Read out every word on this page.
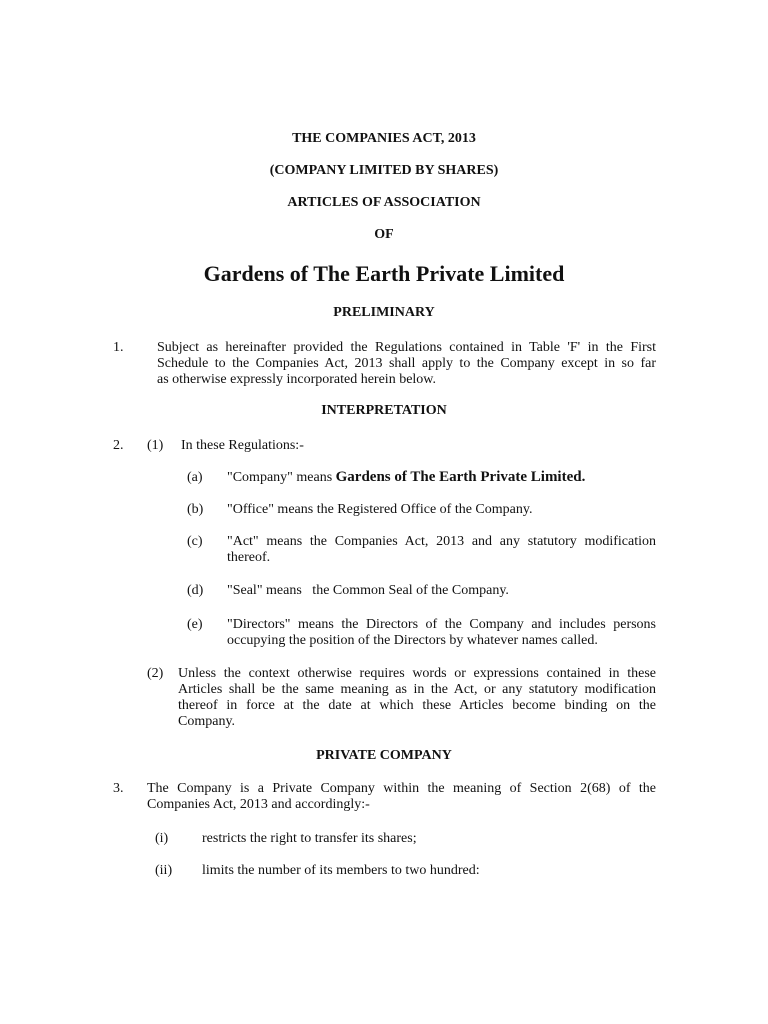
THE COMPANIES ACT, 2013
(COMPANY LIMITED BY SHARES)
ARTICLES OF ASSOCIATION
OF
Gardens of The Earth Private Limited
PRELIMINARY
1. Subject as hereinafter provided the Regulations contained in Table 'F' in the First
Schedule to the Companies Act, 2013 shall apply to the Company except in so far
as otherwise expressly incorporated herein below.
INTERPRETATION
2. (1) In these Regulations:-
(a) "Company" means Gardens of The Earth Private Limited.
(b) "Office" means the Registered Office of the Company.
(c) "Act" means the Companies Act, 2013 and any statutory modification
thereof.
(d) "Seal" means   the Common Seal of the Company.
(e) "Directors" means the Directors of the Company and includes persons
occupying the position of the Directors by whatever names called.
(2) Unless the context otherwise requires words or expressions contained in these
Articles shall be the same meaning as in the Act, or any statutory modification
thereof in force at the date at which these Articles become binding on the
Company.
PRIVATE COMPANY
3. The Company is a Private Company within the meaning of Section 2(68) of the
Companies Act, 2013 and accordingly:-
(i) restricts the right to transfer its shares;
(ii) limits the number of its members to two hundred:
